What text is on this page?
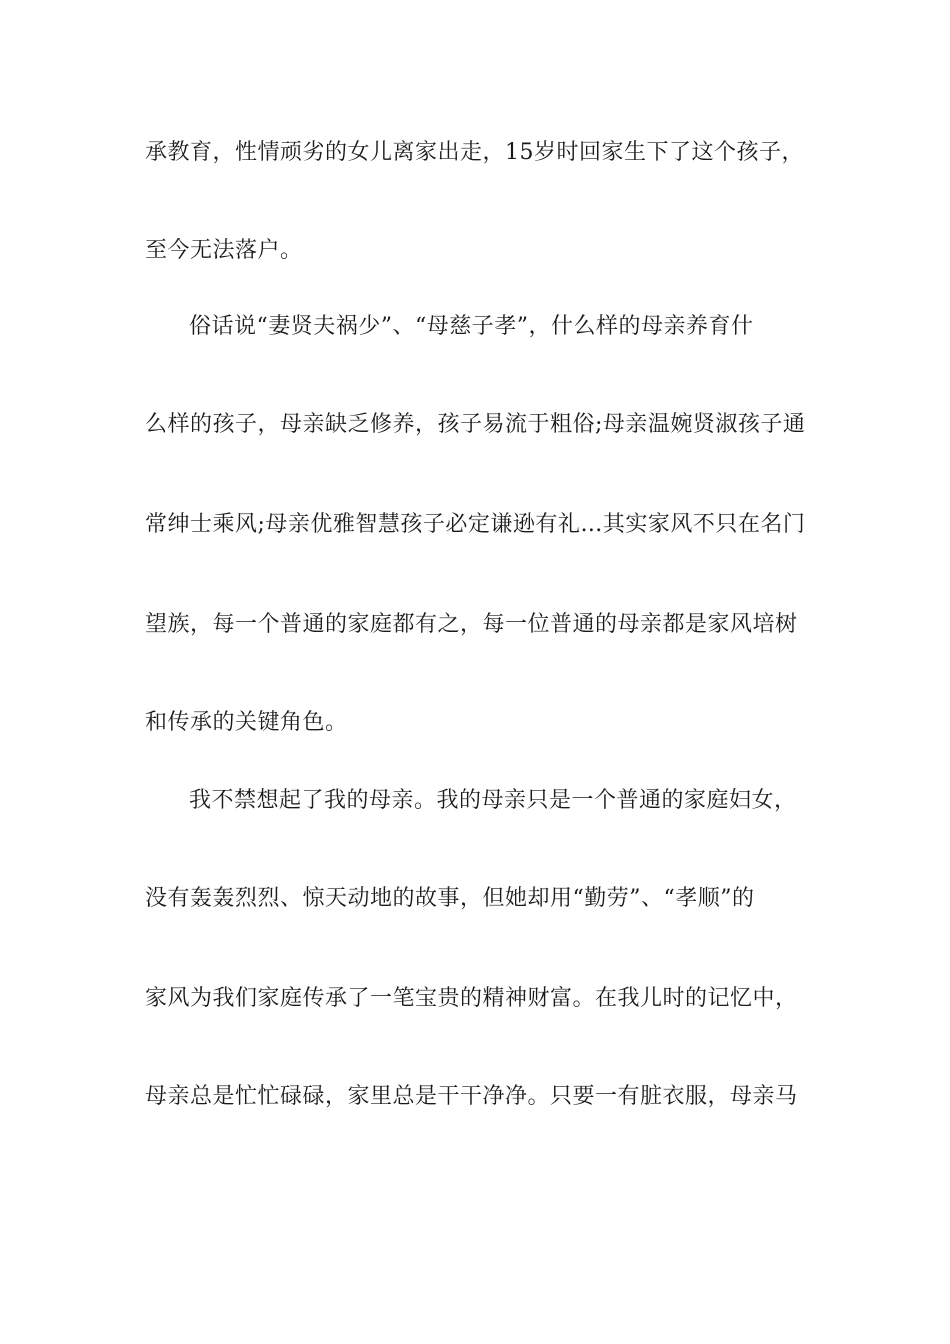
承教育，性情顽劣的女儿离家出走，15岁时回家生下了这个孩子，
至今无法落户。
俗话说“妻贤夫祸少”、“母慈子孝”，什么样的母亲养育什
么样的孩子，母亲缺乏修养，孩子易流于粗俗;母亲温婉贤淑孩子通
常绅士乘风;母亲优雅智慧孩子必定谦逊有礼…其实家风不只在名门
望族，每一个普通的家庭都有之，每一位普通的母亲都是家风培树
和传承的关键角色。
我不禁想起了我的母亲。我的母亲只是一个普通的家庭妇女，
没有轰轰烈烈、惊天动地的故事，但她却用“勤劳”、“孝顺”的
家风为我们家庭传承了一笔宝贵的精神财富。在我儿时的记忆中，
母亲总是忙忙碌碌，家里总是干干净净。只要一有脏衣服，母亲马
